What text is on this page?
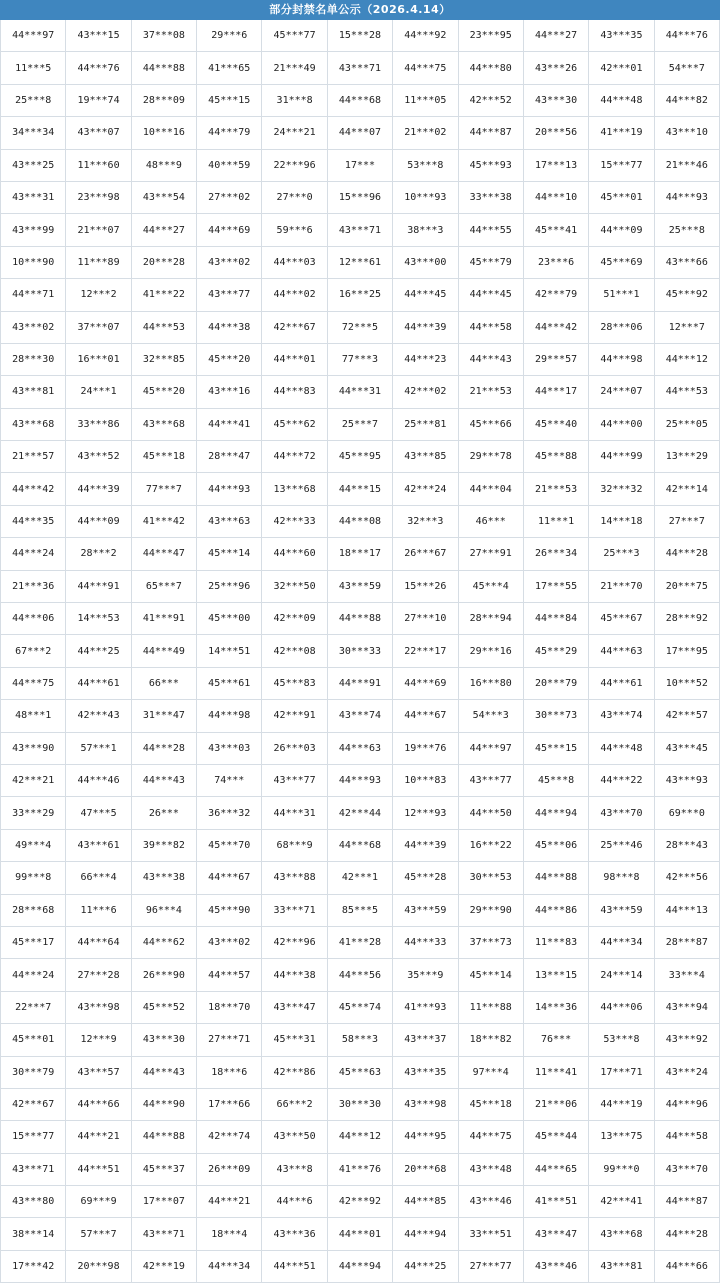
部分封禁名单公示（2026.4.14）
44***97	43***15	37***08	29***6	45***77	15***28	44***92	23***95	44***27	43***35	44***76
11***5	44***76	44***88	41***65	21***49	43***71	44***75	44***80	43***26	42***01	54***7
25***8	19***74	28***09	45***15	31***8	44***68	11***05	42***52	43***30	44***48	44***82
34***34	43***07	10***16	44***79	24***21	44***07	21***02	44***87	20***56	41***19	43***10
43***25	11***60	48***9	40***59	22***96	17***	53***8	45***93	17***13	15***77	21***46
43***31	23***98	43***54	27***02	27***0	15***96	10***93	33***38	44***10	45***01	44***93
43***99	21***07	44***27	44***69	59***6	43***71	38***3	44***55	45***41	44***09	25***8
10***90	11***89	20***28	43***02	44***03	12***61	43***00	45***79	23***6	45***69	43***66
44***71	12***2	41***22	43***77	44***02	16***25	44***45	44***45	42***79	51***1	45***92
43***02	37***07	44***53	44***38	42***67	72***5	44***39	44***58	44***42	28***06	12***7
28***30	16***01	32***85	45***20	44***01	77***3	44***23	44***43	29***57	44***98	44***12
43***81	24***1	45***20	43***16	44***83	44***31	42***02	21***53	44***17	24***07	44***53
43***68	33***86	43***68	44***41	45***62	25***7	25***81	45***66	45***40	44***00	25***05
21***57	43***52	45***18	28***47	44***72	45***95	43***85	29***78	45***88	44***99	13***29
44***42	44***39	77***7	44***93	13***68	44***15	42***24	44***04	21***53	32***32	42***14
44***35	44***09	41***42	43***63	42***33	44***08	32***3	46***	11***1	14***18	27***7
44***24	28***2	44***47	45***14	44***60	18***17	26***67	27***91	26***34	25***3	44***28
21***36	44***91	65***7	25***96	32***50	43***59	15***26	45***4	17***55	21***70	20***75
44***06	14***53	41***91	45***00	42***09	44***88	27***10	28***94	44***84	45***67	28***92
67***2	44***25	44***49	14***51	42***08	30***33	22***17	29***16	45***29	44***63	17***95
44***75	44***61	66***	45***61	45***83	44***91	44***69	16***80	20***79	44***61	10***52
48***1	42***43	31***47	44***98	42***91	43***74	44***67	54***3	30***73	43***74	42***57
43***90	57***1	44***28	43***03	26***03	44***63	19***76	44***97	45***15	44***48	43***45
42***21	44***46	44***43	74***	43***77	44***93	10***83	43***77	45***8	44***22	43***93
33***29	47***5	26***	36***32	44***31	42***44	12***93	44***50	44***94	43***70	69***0
49***4	43***61	39***82	45***70	68***9	44***68	44***39	16***22	45***06	25***46	28***43
99***8	66***4	43***38	44***67	43***88	42***1	45***28	30***53	44***88	98***8	42***56
28***68	11***6	96***4	45***90	33***71	85***5	43***59	29***90	44***86	43***59	44***13
45***17	44***64	44***62	43***02	42***96	41***28	44***33	37***73	11***83	44***34	28***87
44***24	27***28	26***90	44***57	44***38	44***56	35***9	45***14	13***15	24***14	33***4
22***7	43***98	45***52	18***70	43***47	45***74	41***93	11***88	14***36	44***06	43***94
45***01	12***9	43***30	27***71	45***31	58***3	43***37	18***82	76***	53***8	43***92
30***79	43***57	44***43	18***6	42***86	45***63	43***35	97***4	11***41	17***71	43***24
42***67	44***66	44***90	17***66	66***2	30***30	43***98	45***18	21***06	44***19	44***96
15***77	44***21	44***88	42***74	43***50	44***12	44***95	44***75	45***44	13***75	44***58
43***71	44***51	45***37	26***09	43***8	41***76	20***68	43***48	44***65	99***0	43***70
43***80	69***9	17***07	44***21	44***6	42***92	44***85	43***46	41***51	42***41	44***87
38***14	57***7	43***71	18***4	43***36	44***01	44***94	33***51	43***47	43***68	44***28
17***42	20***98	42***19	44***34	44***51	44***94	44***25	27***77	43***46	43***81	44***66
